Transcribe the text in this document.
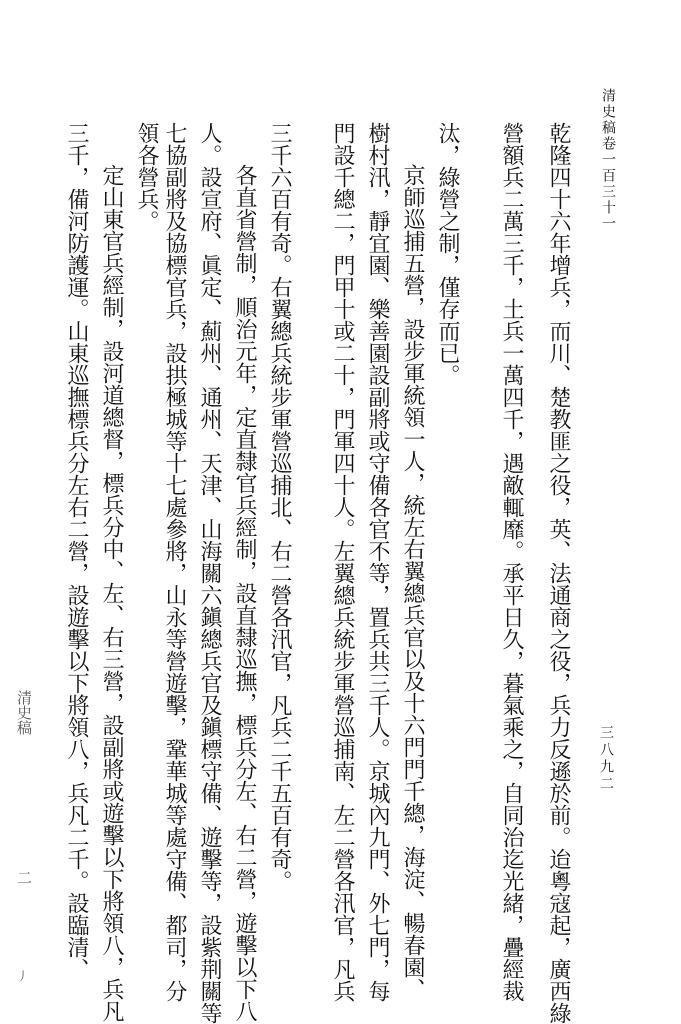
清史稿卷一百三十一
三八九二
乾隆四十六年增兵，而川、楚教匪之役，英、法通商之役，兵力反遜於前。迨粵寇起，廣西綠
營額兵二萬三千，土兵一萬四千，遇敵輒靡。承平日久，暮氣乘之，自同治迄光緒，疊經裁
汰，綠營之制，僅存而已。
京師巡捕五營，設步軍統領一人，統左右翼總兵官以及十六門門千總，海淀、暢春園、
樹村汛，靜宜園、樂善園設副將或守備各官不等，置兵共三千人。京城內九門、外七門，每
門設千總二，門甲十或二十，門軍四十人。左翼總兵統步軍營巡捕南、左二營各汛官，凡兵
三千六百有奇。右翼總兵統步軍營巡捕北、右二營各汛官，凡兵二千五百有奇。
各直省營制，順治元年，定直隸官兵經制，設直隸巡撫，標兵分左、右二營，遊擊以下八
人。設宣府、眞定、薊州、通州、天津、山海關六鎭總兵官及鎭標守備、遊擊等，設紫荆關等
七協副將及協標官兵，設拱極城等十七處參將，山永等營遊擊，鞏華城等處守備、都司，分
領各營兵。
定山東官兵經制，設河道總督，標兵分中、左、右三營，設副將或遊擊以下將領八，兵凡
三千，備河防護運。山東巡撫標兵分左右二營，設遊擊以下將領八，兵凡二千。設臨清、
清史稿
二
丿
